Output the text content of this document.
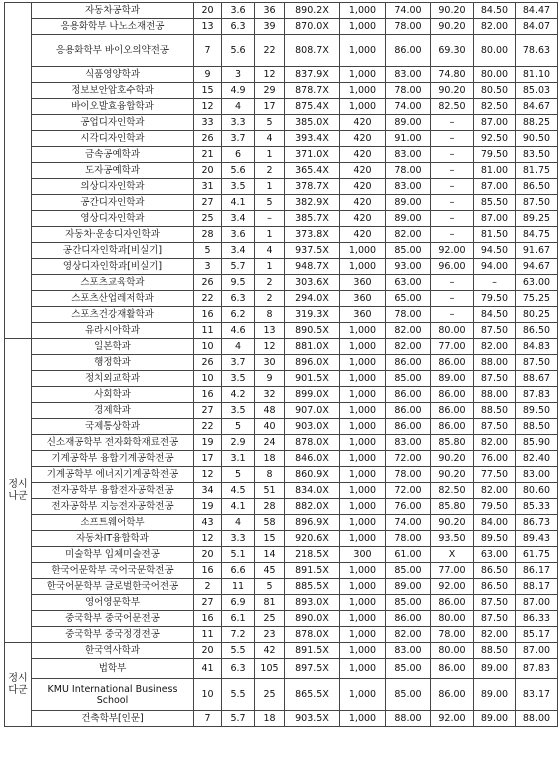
	자동차공학과	20	3.6	36	890.2X	1,000	74.00	90.20	84.50	84.47
	응용화학부 나노소재전공	13	6.3	39	870.0X	1,000	78.00	90.20	82.00	84.07
	응용화학부 바이오의약전공	7	5.6	22	808.7X	1,000	86.00	69.30	80.00	78.63
	식품영양학과	9	3	12	837.9X	1,000	83.00	74.80	80.00	81.10
	정보보안암호수학과	15	4.9	29	878.7X	1,000	78.00	90.20	80.50	85.03
	바이오발효융합학과	12	4	17	875.4X	1,000	74.00	82.50	82.50	84.67
	공업디자인학과	33	3.3	5	385.0X	420	89.00	–	87.00	88.25
	시각디자인학과	26	3.7	4	393.4X	420	91.00	–	92.50	90.50
	금속공예학과	21	6	1	371.0X	420	83.00	–	79.50	83.50
	도자공예학과	20	5.6	2	365.4X	420	78.00	–	81.00	81.75
	의상디자인학과	31	3.5	1	378.7X	420	83.00	–	87.00	86.50
	공간디자인학과	27	4.1	5	382.9X	420	89.00	–	85.50	87.50
	영상디자인학과	25	3.4	–	385.7X	420	89.00	–	87.00	89.25
	자동차·운송디자인학과	28	3.6	1	373.8X	420	82.00	–	81.50	84.75
	공간디자인학과[비실기]	5	3.4	4	937.5X	1,000	85.00	92.00	94.50	91.67
	영상디자인학과[비실기]	3	5.7	1	948.7X	1,000	93.00	96.00	94.00	94.67
	스포츠교육학과	26	9.5	2	303.6X	360	63.00	–	–	63.00
	스포츠산업레저학과	22	6.3	2	294.0X	360	65.00	–	79.50	75.25
	스포츠건강재활학과	16	6.2	8	319.3X	360	78.00	–	84.50	80.25
	유라시아학과	11	4.6	13	890.5X	1,000	82.00	80.00	87.50	86.50
정시
나군	일본학과	10	4	12	881.0X	1,000	82.00	77.00	82.00	84.83
	행정학과	26	3.7	30	896.0X	1,000	86.00	86.00	88.00	87.50
	정치외교학과	10	3.5	9	901.5X	1,000	85.00	89.00	87.50	88.67
	사회학과	16	4.2	32	899.0X	1,000	86.00	86.00	88.00	87.83
	경제학과	27	3.5	48	907.0X	1,000	86.00	86.00	88.50	89.50
	국제통상학과	22	5	40	903.0X	1,000	86.00	86.00	87.50	88.50
	신소재공학부 전자화학재료전공	19	2.9	24	878.0X	1,000	83.00	85.80	82.00	85.90
	기계공학부 융합기계공학전공	17	3.1	18	846.0X	1,000	72.00	90.20	76.00	82.40
	기계공학부 에너지기계공학전공	12	5	8	860.9X	1,000	78.00	90.20	77.50	83.00
	전자공학부 융합전자공학전공	34	4.5	51	834.0X	1,000	72.00	82.50	82.00	80.60
	전자공학부 지능전자공학전공	19	4.1	28	882.0X	1,000	76.00	85.80	79.50	85.33
	소프트웨어학부	43	4	58	896.9X	1,000	74.00	90.20	84.00	86.73
	자동차IT융합학과	12	3.3	15	920.6X	1,000	78.00	93.50	89.50	89.43
	미술학부 입체미술전공	20	5.1	14	218.5X	300	61.00	X	63.00	61.75
	한국어문학부 국어국문학전공	16	6.6	45	891.5X	1,000	85.00	77.00	86.50	86.17
	한국어문학부 글로벌한국어전공	2	11	5	885.5X	1,000	89.00	92.00	86.50	88.17
	영어영문학부	27	6.9	81	893.0X	1,000	85.00	86.00	87.50	87.00
	중국학부 중국어문전공	16	6.1	25	890.0X	1,000	86.00	80.00	87.50	86.33
	중국학부 중국정경전공	11	7.2	23	878.0X	1,000	82.00	78.00	82.00	85.17
정시
다군	한국역사학과	20	5.5	42	891.5X	1,000	83.00	80.00	88.50	87.00
	법학부	41	6.3	105	897.5X	1,000	85.00	86.00	89.00	87.83
	KMU International Business School	10	5.5	25	865.5X	1,000	85.00	86.00	89.00	83.17
	건축학부[인문]	7	5.7	18	903.5X	1,000	88.00	92.00	89.00	88.00
